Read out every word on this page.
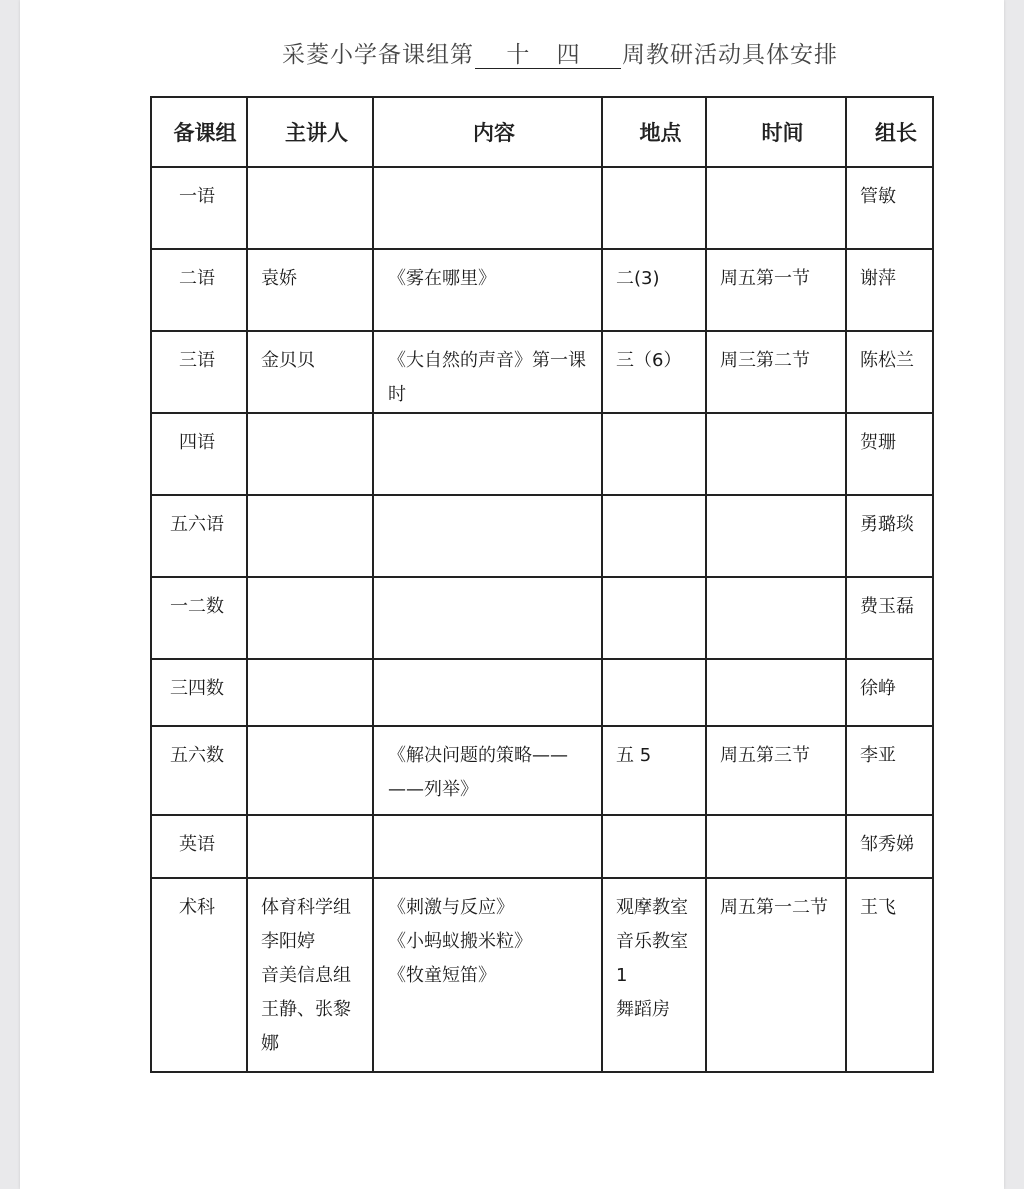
采菱小学备课组第 十 四 周教研活动具体安排
备课组	主讲人	内容	地点	时间	组长

一语					管敏

二语	袁娇	《雾在哪里》	二(3)	周五第一节	谢萍

三语	金贝贝	《大自然的声音》第一课时	三（6）	周三第二节	陈松兰

四语					贺珊

五六语					勇璐琰

一二数					费玉磊

三四数					徐峥

五六数		《解决问题的策略——
——列举》	五 5	周五第三节	李亚

英语					邹秀娣

术科	体育科学组
李阳婷
音美信息组
王静、张黎
娜	《刺激与反应》
《小蚂蚁搬米粒》
《牧童短笛》	观摩教室
音乐教室
1
舞蹈房	周五第一二节	王飞
